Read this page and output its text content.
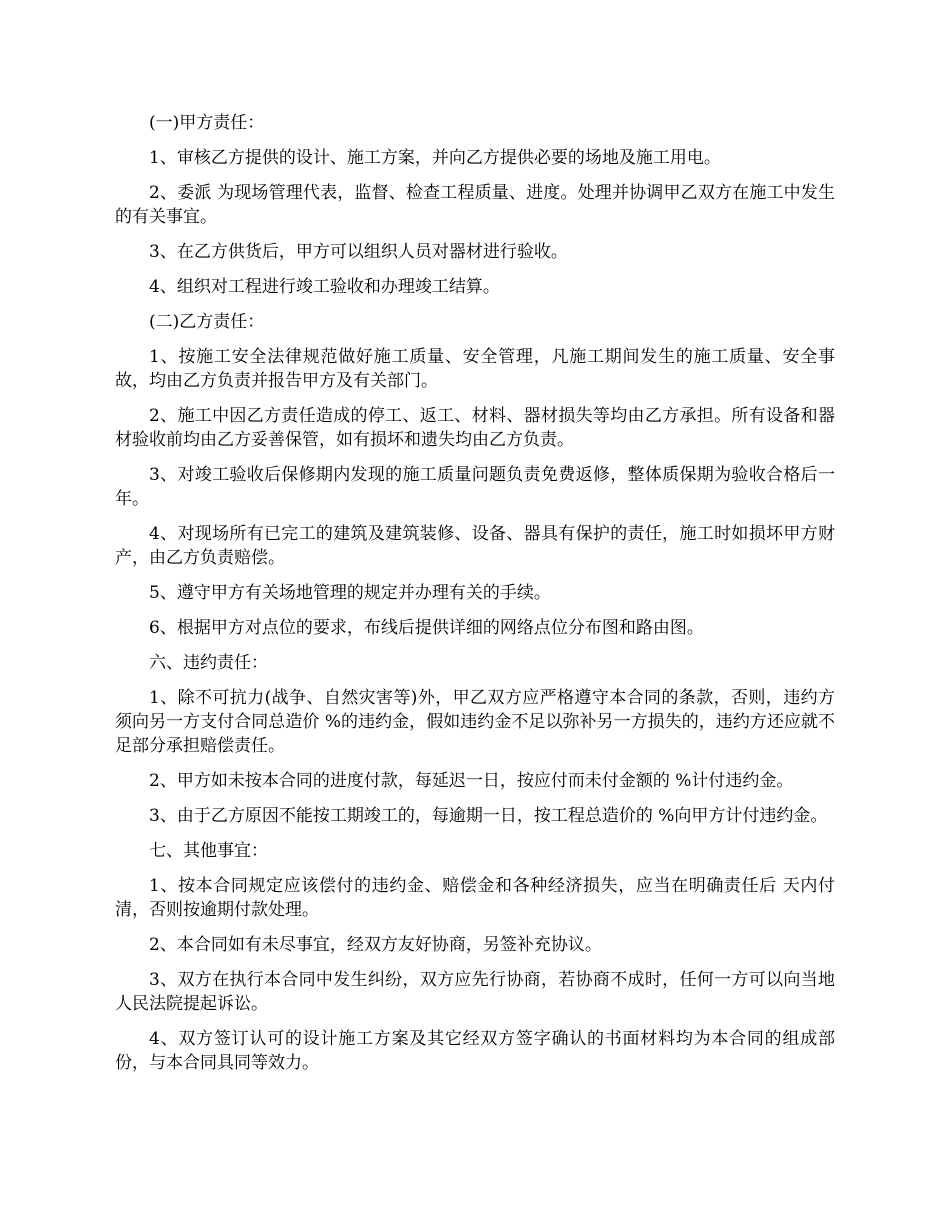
(一)甲方责任：

1、审核乙方提供的设计、施工方案，并向乙方提供必要的场地及施工用电。

2、委派 为现场管理代表，监督、检查工程质量、进度。处理并协调甲乙双方在施工中发生的有关事宜。

3、在乙方供货后，甲方可以组织人员对器材进行验收。

4、组织对工程进行竣工验收和办理竣工结算。

(二)乙方责任：

1、按施工安全法律规范做好施工质量、安全管理，凡施工期间发生的施工质量、安全事故，均由乙方负责并报告甲方及有关部门。

2、施工中因乙方责任造成的停工、返工、材料、器材损失等均由乙方承担。所有设备和器材验收前均由乙方妥善保管，如有损坏和遗失均由乙方负责。

3、对竣工验收后保修期内发现的施工质量问题负责免费返修，整体质保期为验收合格后一年。

4、对现场所有已完工的建筑及建筑装修、设备、器具有保护的责任，施工时如损坏甲方财产，由乙方负责赔偿。

5、遵守甲方有关场地管理的规定并办理有关的手续。

6、根据甲方对点位的要求，布线后提供详细的网络点位分布图和路由图。

六、违约责任：

1、除不可抗力(战争、自然灾害等)外，甲乙双方应严格遵守本合同的条款，否则，违约方须向另一方支付合同总造价 %的违约金，假如违约金不足以弥补另一方损失的，违约方还应就不足部分承担赔偿责任。

2、甲方如未按本合同的进度付款，每延迟一日，按应付而未付金额的 %计付违约金。

3、由于乙方原因不能按工期竣工的，每逾期一日，按工程总造价的 %向甲方计付违约金。

七、其他事宜：

1、按本合同规定应该偿付的违约金、赔偿金和各种经济损失，应当在明确责任后 天内付清，否则按逾期付款处理。

2、本合同如有未尽事宜，经双方友好协商，另签补充协议。

3、双方在执行本合同中发生纠纷，双方应先行协商，若协商不成时，任何一方可以向当地人民法院提起诉讼。

4、双方签订认可的设计施工方案及其它经双方签字确认的书面材料均为本合同的组成部份，与本合同具同等效力。
